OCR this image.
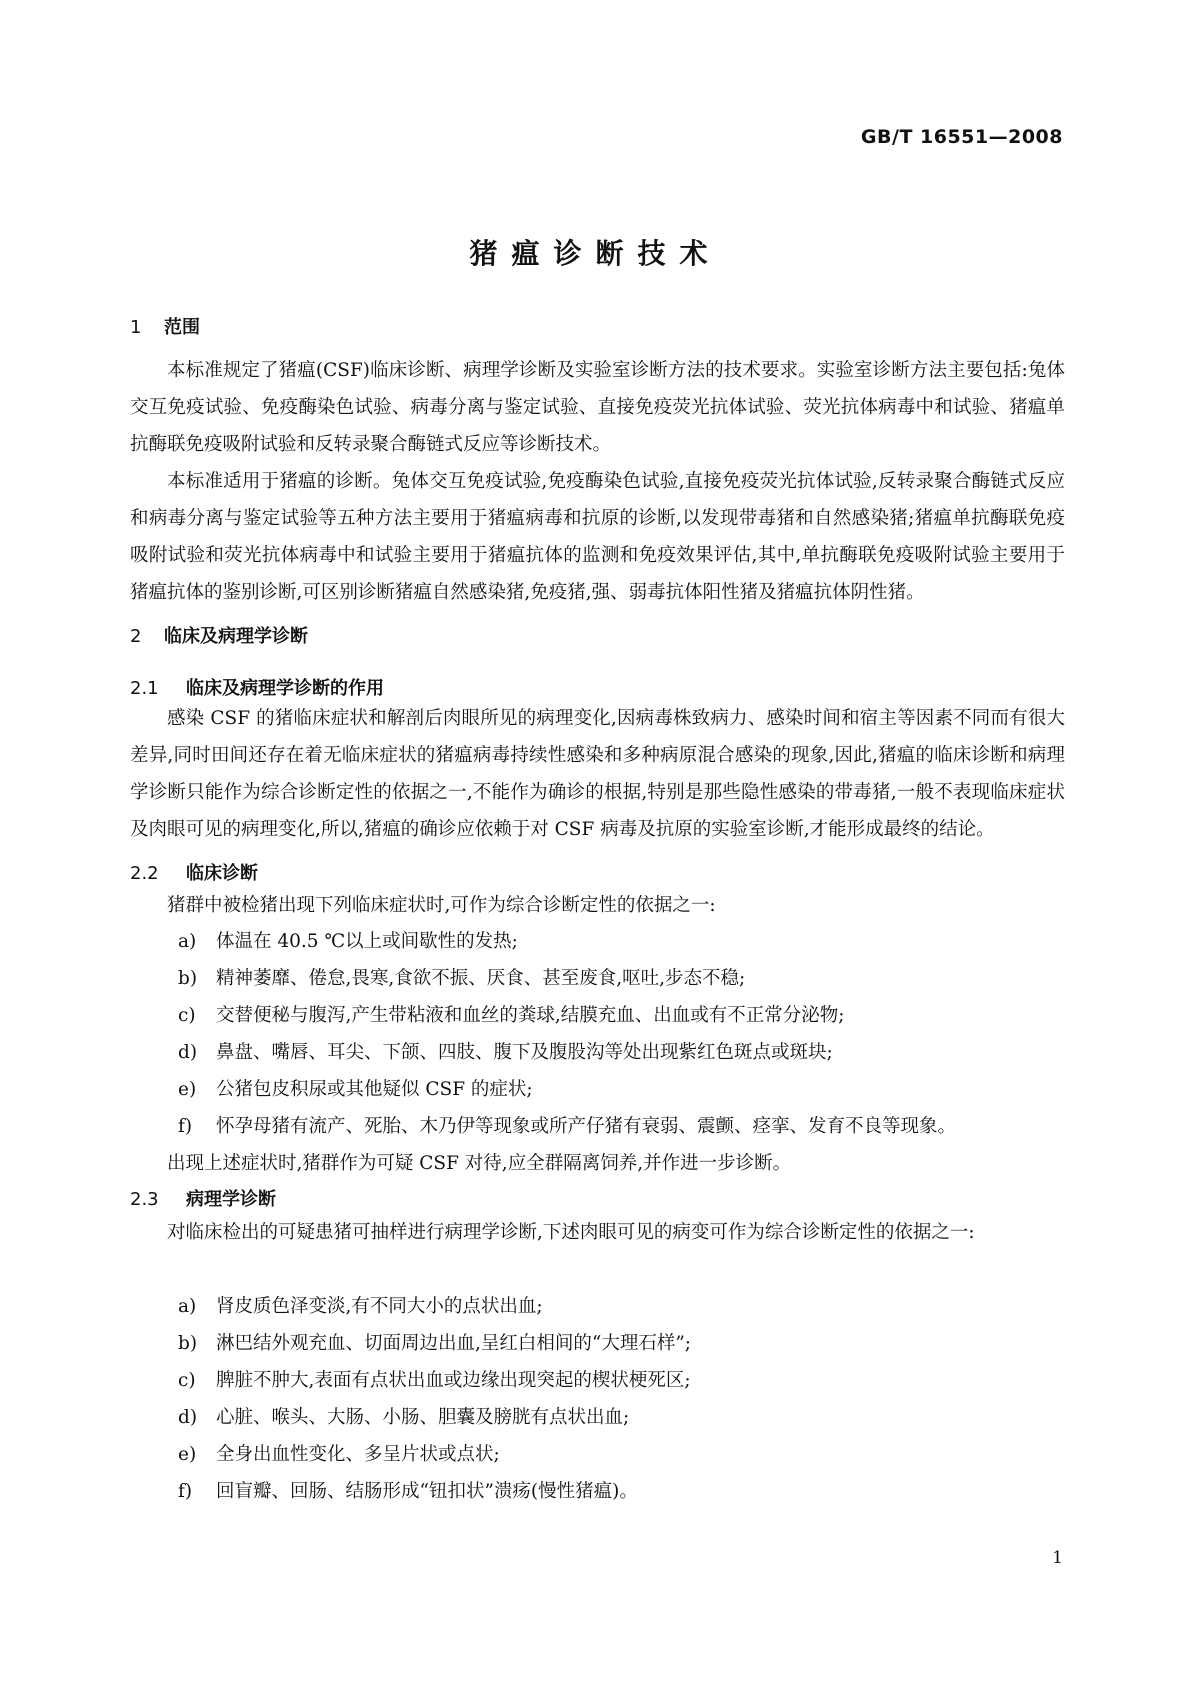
GB/T 16551—2008
猪瘟诊断技术
1 范围

本标准规定了猪瘟(CSF)临床诊断、病理学诊断及实验室诊断方法的技术要求。实验室诊断方法主要包括:兔体交互免疫试验、免疫酶染色试验、病毒分离与鉴定试验、直接免疫荧光抗体试验、荧光抗体病毒中和试验、猪瘟单抗酶联免疫吸附试验和反转录聚合酶链式反应等诊断技术。

本标准适用于猪瘟的诊断。兔体交互免疫试验,免疫酶染色试验,直接免疫荧光抗体试验,反转录聚合酶链式反应和病毒分离与鉴定试验等五种方法主要用于猪瘟病毒和抗原的诊断,以发现带毒猪和自然感染猪;猪瘟单抗酶联免疫吸附试验和荧光抗体病毒中和试验主要用于猪瘟抗体的监测和免疫效果评估,其中,单抗酶联免疫吸附试验主要用于猪瘟抗体的鉴别诊断,可区别诊断猪瘟自然感染猪,免疫猪,强、弱毒抗体阳性猪及猪瘟抗体阴性猪。

2 临床及病理学诊断
2.1 临床及病理学诊断的作用

感染 CSF 的猪临床症状和解剖后肉眼所见的病理变化,因病毒株致病力、感染时间和宿主等因素不同而有很大差异,同时田间还存在着无临床症状的猪瘟病毒持续性感染和多种病原混合感染的现象,因此,猪瘟的临床诊断和病理学诊断只能作为综合诊断定性的依据之一,不能作为确诊的根据,特别是那些隐性感染的带毒猪,一般不表现临床症状及肉眼可见的病理变化,所以,猪瘟的确诊应依赖于对 CSF 病毒及抗原的实验室诊断,才能形成最终的结论。

2.2 临床诊断

猪群中被检猪出现下列临床症状时,可作为综合诊断定性的依据之一:

a) 体温在 40.5 ℃以上或间歇性的发热;
b) 精神萎靡、倦怠,畏寒,食欲不振、厌食、甚至废食,呕吐,步态不稳;
c) 交替便秘与腹泻,产生带粘液和血丝的粪球,结膜充血、出血或有不正常分泌物;
d) 鼻盘、嘴唇、耳尖、下颌、四肢、腹下及腹股沟等处出现紫红色斑点或斑块;
e) 公猪包皮积尿或其他疑似 CSF 的症状;
f) 怀孕母猪有流产、死胎、木乃伊等现象或所产仔猪有衰弱、震颤、痉挛、发育不良等现象。

出现上述症状时,猪群作为可疑 CSF 对待,应全群隔离饲养,并作进一步诊断。

2.3 病理学诊断

对临床检出的可疑患猪可抽样进行病理学诊断,下述肉眼可见的病变可作为综合诊断定性的依据之一:

a) 肾皮质色泽变淡,有不同大小的点状出血;
b) 淋巴结外观充血、切面周边出血,呈红白相间的“大理石样”;
c) 脾脏不肿大,表面有点状出血或边缘出现突起的楔状梗死区;
d) 心脏、喉头、大肠、小肠、胆囊及膀胱有点状出血;
e) 全身出血性变化、多呈片状或点状;
f) 回盲瓣、回肠、结肠形成“钮扣状”溃疡(慢性猪瘟)。
1
